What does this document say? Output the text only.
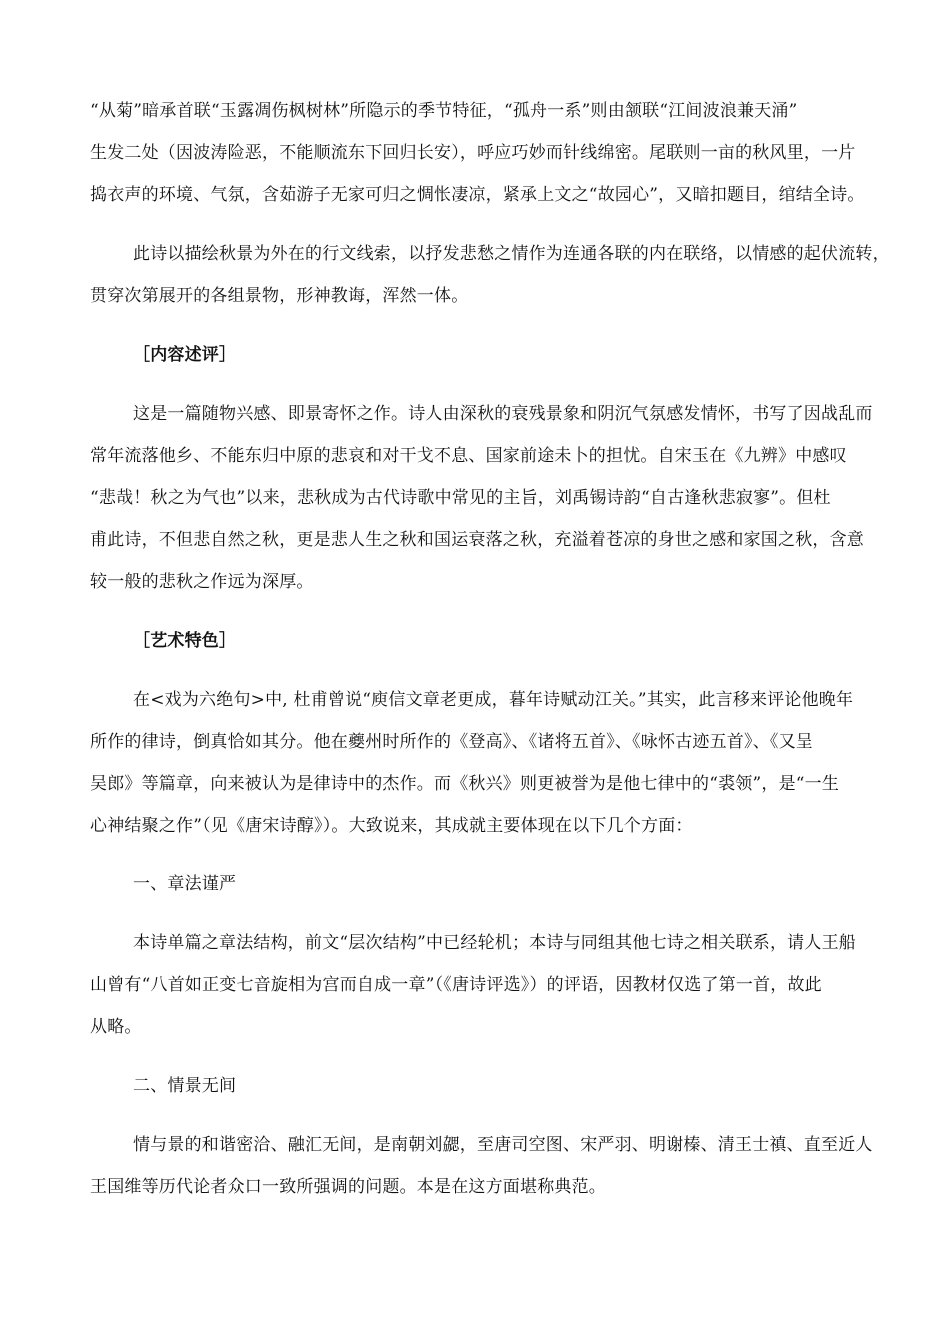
“从菊”暗承首联“玉露凋伤枫树林”所隐示的季节特征，“孤舟一系”则由颔联“江间波浪兼天涌”
生发二处（因波涛险恶，不能顺流东下回归长安），呼应巧妙而针线绵密。尾联则一亩的秋风里，一片
捣衣声的环境、气氛，含茹游子无家可归之惆怅凄凉，紧承上文之“故园心”，又暗扣题目，绾结全诗。
此诗以描绘秋景为外在的行文线索，以抒发悲愁之情作为连通各联的内在联络，以情感的起伏流转，
贯穿次第展开的各组景物，形神教诲，浑然一体。
［内容述评］
这是一篇随物兴感、即景寄怀之作。诗人由深秋的衰残景象和阴沉气氛感发情怀，书写了因战乱而
常年流落他乡、不能东归中原的悲哀和对干戈不息、国家前途未卜的担忧。自宋玉在《九辨》中感叹
“悲哉！秋之为气也”以来，悲秋成为古代诗歌中常见的主旨，刘禹锡诗韵“自古逢秋悲寂寥”。但杜
甫此诗，不但悲自然之秋，更是悲人生之秋和国运衰落之秋，充溢着苍凉的身世之感和家国之秋，含意
较一般的悲秋之作远为深厚。
［艺术特色］
在<戏为六绝句>中, 杜甫曾说“庾信文章老更成，暮年诗赋动江关。”其实，此言移来评论他晚年
所作的律诗，倒真恰如其分。他在夔州时所作的《登高》、《诸将五首》、《咏怀古迹五首》、《又呈
吴郎》等篇章，向来被认为是律诗中的杰作。而《秋兴》则更被誉为是他七律中的“裘领”，是“一生
心神结聚之作”（见《唐宋诗醇》）。大致说来，其成就主要体现在以下几个方面：
一、章法谨严
本诗单篇之章法结构，前文“层次结构”中已经轮机；本诗与同组其他七诗之相关联系，请人王船
山曾有“八首如正变七音旋相为宫而自成一章”（《唐诗评选》）的评语，因教材仅选了第一首，故此
从略。
二、情景无间
情与景的和谐密洽、融汇无间，是南朝刘勰，至唐司空图、宋严羽、明谢榛、清王士禛、直至近人
王国维等历代论者众口一致所强调的问题。本是在这方面堪称典范。
